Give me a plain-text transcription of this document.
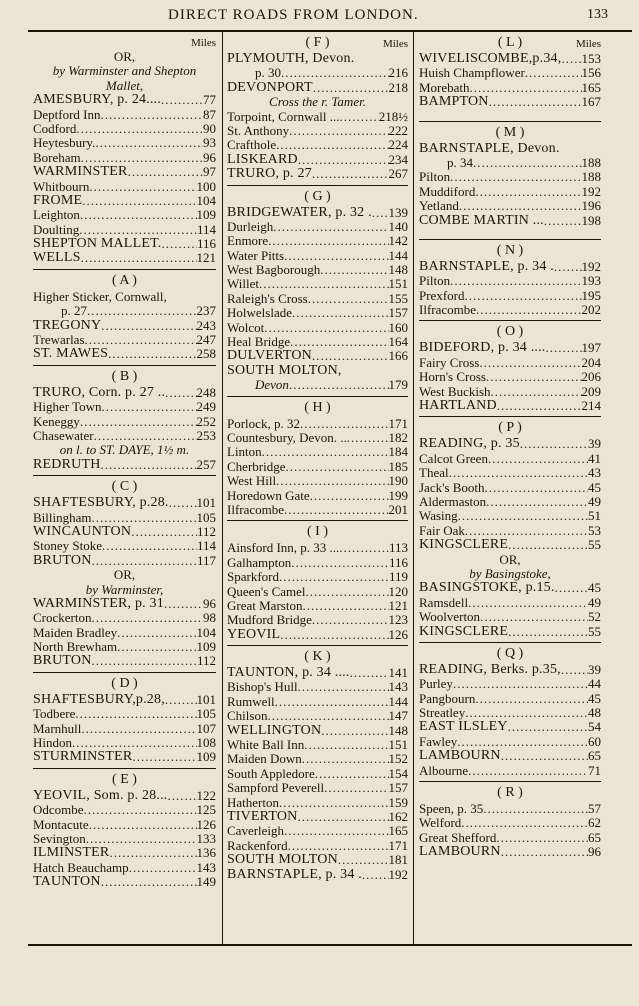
DIRECT ROADS FROM LONDON.	133
Miles
OR,
by Warminster and Shepton
Mallet,
AMESBURY, p. 24.... .....	77
Deptford Inn .....	87
Codford .....	90
Heytesbury. .....	93
Boreham .....	96
WARMINSTER .....	97
Whitbourn .....	100
FROME .....	104
Leighton .....	109
Doulting .....	114
SHEPTON MALLET. .....	116
WELLS .....	121
( A )
Higher Sticker, Cornwall,
p. 27 .....	237
TREGONY .....	243
Trewarlas .....	247
ST. MAWES .....	258
( B )
TRURO, Corn. p. 27 .. ..... 248
Higher Town .....	249
Keneggy .....	252
Chasewater .....	253
on l. to ST. DAYE, 1½ m.
REDRUTH .....	257
( C )
SHAFTESBURY, p.28. ..... 101
Billingham .....	105
WINCAUNTON .....	112
Stoney Stoke .....	114
BRUTON .....	117
OR,
by Warminster,
WARMINSTER, p. 31 .....	96
Crockerton .....	98
Maiden Bradley .....	104
North Brewham .....	109
BRUTON .....	112
( D )
SHAFTESBURY,p.28, ..... 101
Todbere .....	105
Marnhull .....	107
Hindon .....	108
STURMINSTER .....	109
( E )
YEOVIL, Som. p. 28... ..... 122
Odcombe .....	125
Montacute .....	126
Sevington .....	133
ILMINSTER .....	136
Hatch Beauchamp .....	143
TAUNTON .....	149
( F )	Miles
PLYMOUTH, Devon.
p. 30 .....	216
DEVONPORT .....	218
Cross the r. Tamer.
Torpoint, Cornwall ... .....	218½
St. Anthony .....	222
Crafthole .....	224
LISKEARD .....	234
TRURO, p. 27 .....	267
( G )
BRIDGEWATER, p. 32 . ..... 139
Durleigh .....	140
Enmore .....	142
Water Pitts .....	144
West Bagborough .....	148
Willet .....	151
Raleigh's Cross .....	155
Holwelslade .....	157
Wolcot .....	160
Heal Bridge .....	164
DULVERTON .....	166
SOUTH MOLTON,
Devon .....	179
( H )
Porlock, p. 32 .....	171
Countesbury, Devon. .. .....	182
Linton .....	184
Cherbridge .....	185
West Hill .....	190
Horedown Gate .....	199
Ilfracombe .....	201
( I )
Ainsford Inn, p. 33 ... .....	113
Galhampton .....	116
Sparkford .....	119
Queen's Camel .....	120
Great Marston .....	121
Mudford Bridge .....	123
YEOVIL .....	126
( K )
TAUNTON, p. 34 .... .....	141
Bishop's Hull .....	143
Rumwell .....	144
Chilson .....	147
WELLINGTON .....	148
White Ball Inn .....	151
Maiden Down .....	152
South Appledore .....	154
Sampford Peverell .....	157
Hatherton .....	159
TIVERTON .....	162
Caverleigh .....	165
Rackenford .....	171
SOUTH MOLTON .....	181
BARNSTAPLE, p. 34 . ..... 192
( L )	Miles
WIVELISCOMBE,p.34, ..... 153
Huish Champflower .....	156
Morebath .....	165
BAMPTON .....	167
( M )
BARNSTAPLE, Devon.
p. 34 .....	188
Pilton .....	188
Muddiford .....	192
Yetland .....	196
COMBE MARTIN ... .....	198
( N )
BARNSTAPLE, p. 34 . ..... 192
Pilton .....	193
Prexford .....	195
Ilfracombe .....	202
( O )
BIDEFORD, p. 34 .... .....	197
Fairy Cross .....	204
Horn's Cross .....	206
West Buckish .....	209
HARTLAND .....	214
( P )
READING, p. 35 .....	39
Calcot Green .....	41
Theal .....	43
Jack's Booth .....	45
Aldermaston .....	49
Wasing .....	51
Fair Oak .....	53
KINGSCLERE .....	55
OR,
by Basingstoke,
BASINGSTOKE, p.15. .....	45
Ramsdell .....	49
Woolverton .....	52
KINGSCLERE .....	55
( Q )
READING, Berks. p.35, ..... 39
Purley .....	44
Pangbourn .....	45
Streatley .....	48
EAST ILSLEY .....	54
Fawley .....	60
LAMBOURN .....	65
Albourne .....	71
( R )
Speen, p. 35 .....	57
Welford .....	62
Great Shefford .....	65
LAMBOURN .....	96
